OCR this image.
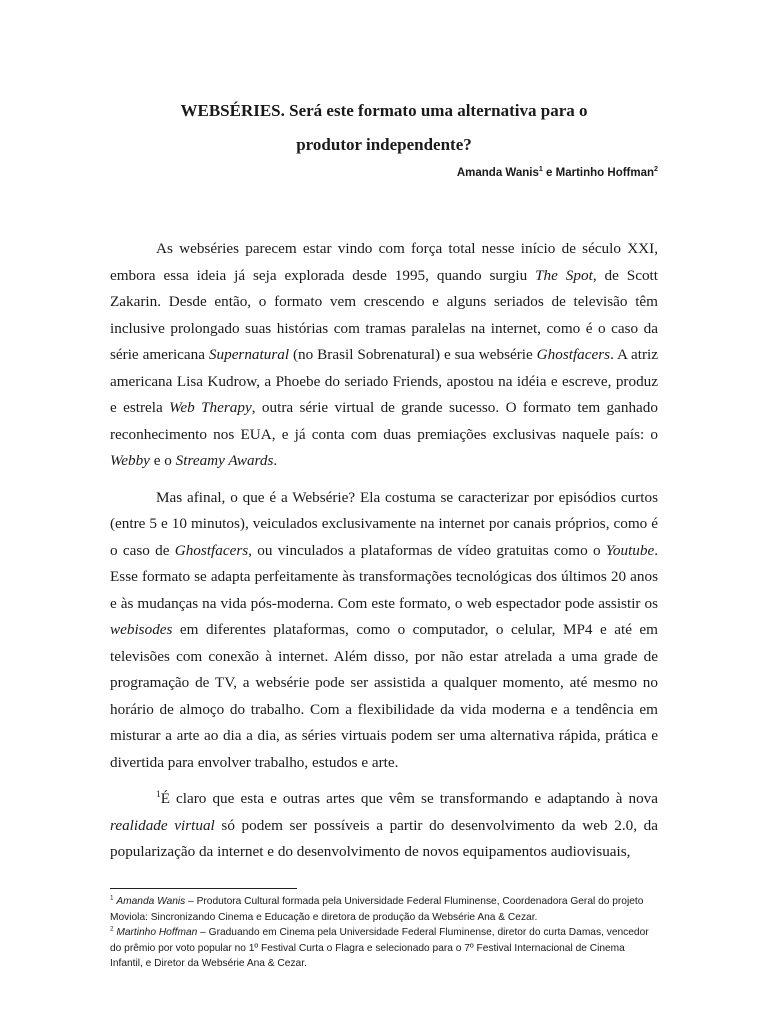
WEBSÉRIES. Será este formato uma alternativa para o
produtor independente?
Amanda Wanis$^1$ e Martinho Hoffman$^2$

As webséries parecem estar vindo com força total nesse início de século XXI, embora essa ideia já seja explorada desde 1995, quando surgiu The Spot, de Scott Zakarin. Desde então, o formato vem crescendo e alguns seriados de televisão têm inclusive prolongado suas histórias com tramas paralelas na internet, como é o caso da série americana Supernatural (no Brasil Sobrenatural) e sua websérie Ghostfacers. A atriz americana Lisa Kudrow, a Phoebe do seriado Friends, apostou na idéia e escreve, produz e estrela Web Therapy, outra série virtual de grande sucesso. O formato tem ganhado reconhecimento nos EUA, e já conta com duas premiações exclusivas naquele país: o Webby e o Streamy Awards.

Mas afinal, o que é a Websérie? Ela costuma se caracterizar por episódios curtos (entre 5 e 10 minutos), veiculados exclusivamente na internet por canais próprios, como é o caso de Ghostfacers, ou vinculados a plataformas de vídeo gratuitas como o Youtube. Esse formato se adapta perfeitamente às transformações tecnológicas dos últimos 20 anos e às mudanças na vida pós-moderna. Com este formato, o web espectador pode assistir os webisodes em diferentes plataformas, como o computador, o celular, MP4 e até em televisões com conexão à internet. Além disso, por não estar atrelada a uma grade de programação de TV, a websérie pode ser assistida a qualquer momento, até mesmo no horário de almoço do trabalho. Com a flexibilidade da vida moderna e a tendência em misturar a arte ao dia a dia, as séries virtuais podem ser uma alternativa rápida, prática e divertida para envolver trabalho, estudos e arte.

$^1$É claro que esta e outras artes que vêm se transformando e adaptando à nova realidade virtual só podem ser possíveis a partir do desenvolvimento da web 2.0, da popularização da internet e do desenvolvimento de novos equipamentos audiovisuais,

$^1$ Amanda Wanis – Produtora Cultural formada pela Universidade Federal Fluminense, Coordenadora Geral do projeto Moviola: Sincronizando Cinema e Educação e diretora de produção da Websérie Ana & Cezar.

$^2$ Martinho Hoffman – Graduando em Cinema pela Universidade Federal Fluminense, diretor do curta Damas, vencedor do prêmio por voto popular no 1º Festival Curta o Flagra e selecionado para o 7º Festival Internacional de Cinema Infantil, e Diretor da Websérie Ana & Cezar.
